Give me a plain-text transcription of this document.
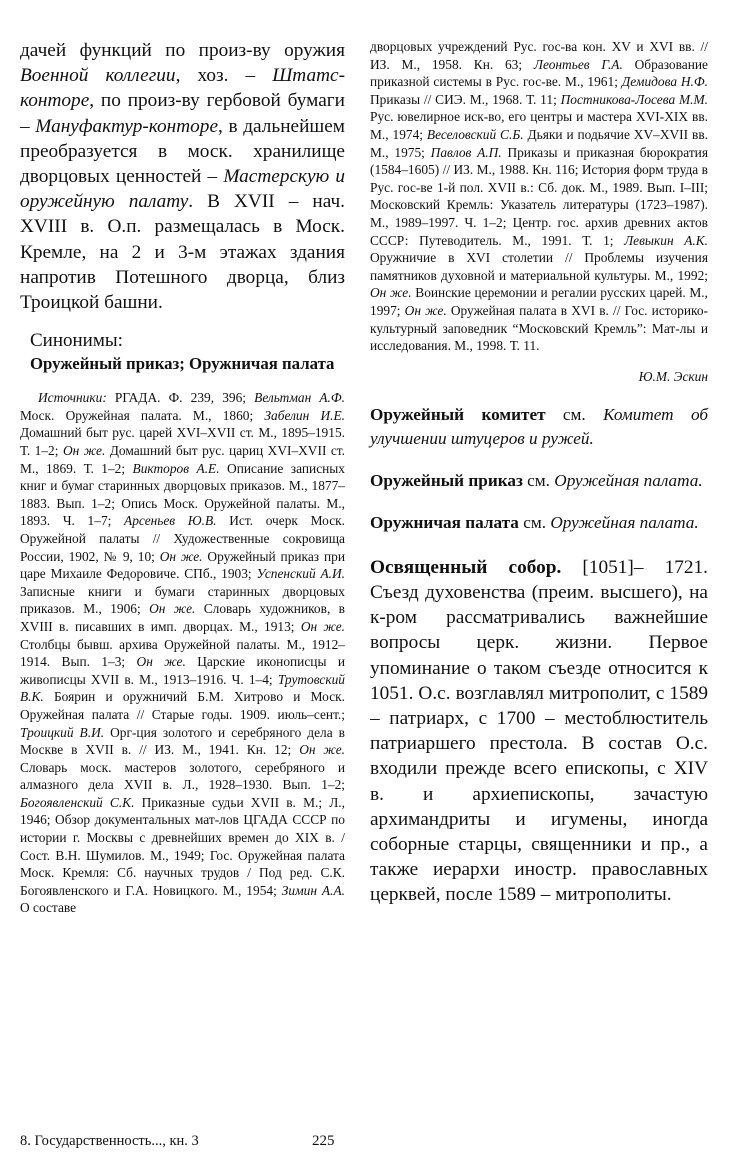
дачей функций по произ-ву оружия Военной коллегии, хоз. – Штатс-конторе, по произ-ву гербовой бумаги – Мануфактур-конторе, в дальнейшем преобразуется в моск. хранилище дворцовых ценностей – Мастерскую и оружейную палату. В XVII – нач. XVIII в. О.п. размещалась в Моск. Кремле, на 2 и 3-м этажах здания напротив Потешного дворца, близ Троицкой башни.

Синонимы:

Оружейный приказ; Оружничая палата

Источники: РГАДА. Ф. 239, 396; Вельтман А.Ф. Моск. Оружейная палата. М., 1860; Забелин И.Е. Домашний быт рус. царей XVI–XVII ст. М., 1895–1915. Т. 1–2; Он же. Домашний быт рус. цариц XVI–XVII ст. М., 1869. Т. 1–2; Викторов А.Е. Описание записных книг и бумаг старинных дворцовых приказов. М., 1877–1883. Вып. 1–2; Опись Моск. Оружейной палаты. М., 1893. Ч. 1–7; Арсеньев Ю.В. Ист. очерк Моск. Оружейной палаты // Художественные сокровища России, 1902, № 9, 10; Он же. Оружейный приказ при царе Михаиле Федоровиче. СПб., 1903; Успенский А.И. Записные книги и бумаги старинных дворцовых приказов. М., 1906; Он же. Словарь художников, в XVIII в. писавших в имп. дворцах. М., 1913; Он же. Столбцы бывш. архива Оружейной палаты. М., 1912–1914. Вып. 1–3; Он же. Царские иконописцы и живописцы XVII в. М., 1913–1916. Ч. 1–4; Трутовский В.К. Боярин и оружничий Б.М. Хитрово и Моск. Оружейная палата // Старые годы. 1909. июль–сент.; Троицкий В.И. Орг-ция золотого и серебряного дела в Москве в XVII в. // ИЗ. М., 1941. Кн. 12; Он же. Словарь моск. мастеров золотого, серебряного и алмазного дела XVII в. Л., 1928–1930. Вып. 1–2; Богоявленский С.К. Приказные судьи XVII в. М.; Л., 1946; Обзор документальных мат-лов ЦГАДА СССР по истории г. Москвы с древнейших времен до XIX в. / Сост. В.Н. Шумилов. М., 1949; Гос. Оружейная палата Моск. Кремля: Сб. научных трудов / Под ред. С.К. Богоявленского и Г.А. Новицкого. М., 1954; Зимин А.А. О составе

дворцовых учреждений Рус. гос-ва кон. XV и XVI вв. // ИЗ. М., 1958. Кн. 63; Леонтьев Г.А. Образование приказной системы в Рус. гос-ве. М., 1961; Демидова Н.Ф. Приказы // СИЭ. М., 1968. Т. 11; Постникова-Лосева М.М. Рус. ювелирное иск-во, его центры и мастера XVI-XIX вв. М., 1974; Веселовский С.Б. Дьяки и подьячие XV–XVII вв. М., 1975; Павлов А.П. Приказы и приказная бюрократия (1584–1605) // ИЗ. М., 1988. Кн. 116; История форм труда в Рус. гос-ве 1-й пол. XVII в.: Сб. док. М., 1989. Вып. I–III; Московский Кремль: Указатель литературы (1723–1987). М., 1989–1997. Ч. 1–2; Центр. гос. архив древних актов СССР: Путеводитель. М., 1991. Т. 1; Левыкин А.К. Оружничие в XVI столетии // Проблемы изучения памятников духовной и материальной культуры. М., 1992; Он же. Воинские церемонии и регалии русских царей. М., 1997; Он же. Оружейная палата в XVI в. // Гос. историко-культурный заповедник “Московский Кремль”: Мат-лы и исследования. М., 1998. Т. 11.

Ю.М. Эскин

Оружейный комитет см. Комитет об улучшении штуцеров и ружей.

Оружейный приказ см. Оружейная палата.

Оружничая палата см. Оружейная палата.

Освященный собор. [1051]– 1721. Съезд духовенства (преим. высшего), на к-ром рассматривались важнейшие вопросы церк. жизни. Первое упоминание о таком съезде относится к 1051. О.с. возглавлял митрополит, с 1589 – патриарх, с 1700 – местоблюститель патриаршего престола. В состав О.с. входили прежде всего епископы, с XIV в. и архиепископы, зачастую архимандриты и игумены, иногда соборные старцы, священники и пр., а также иерархи иностр. православных церквей, после 1589 – митрополиты.

8. Государственность..., кн. 3	225
